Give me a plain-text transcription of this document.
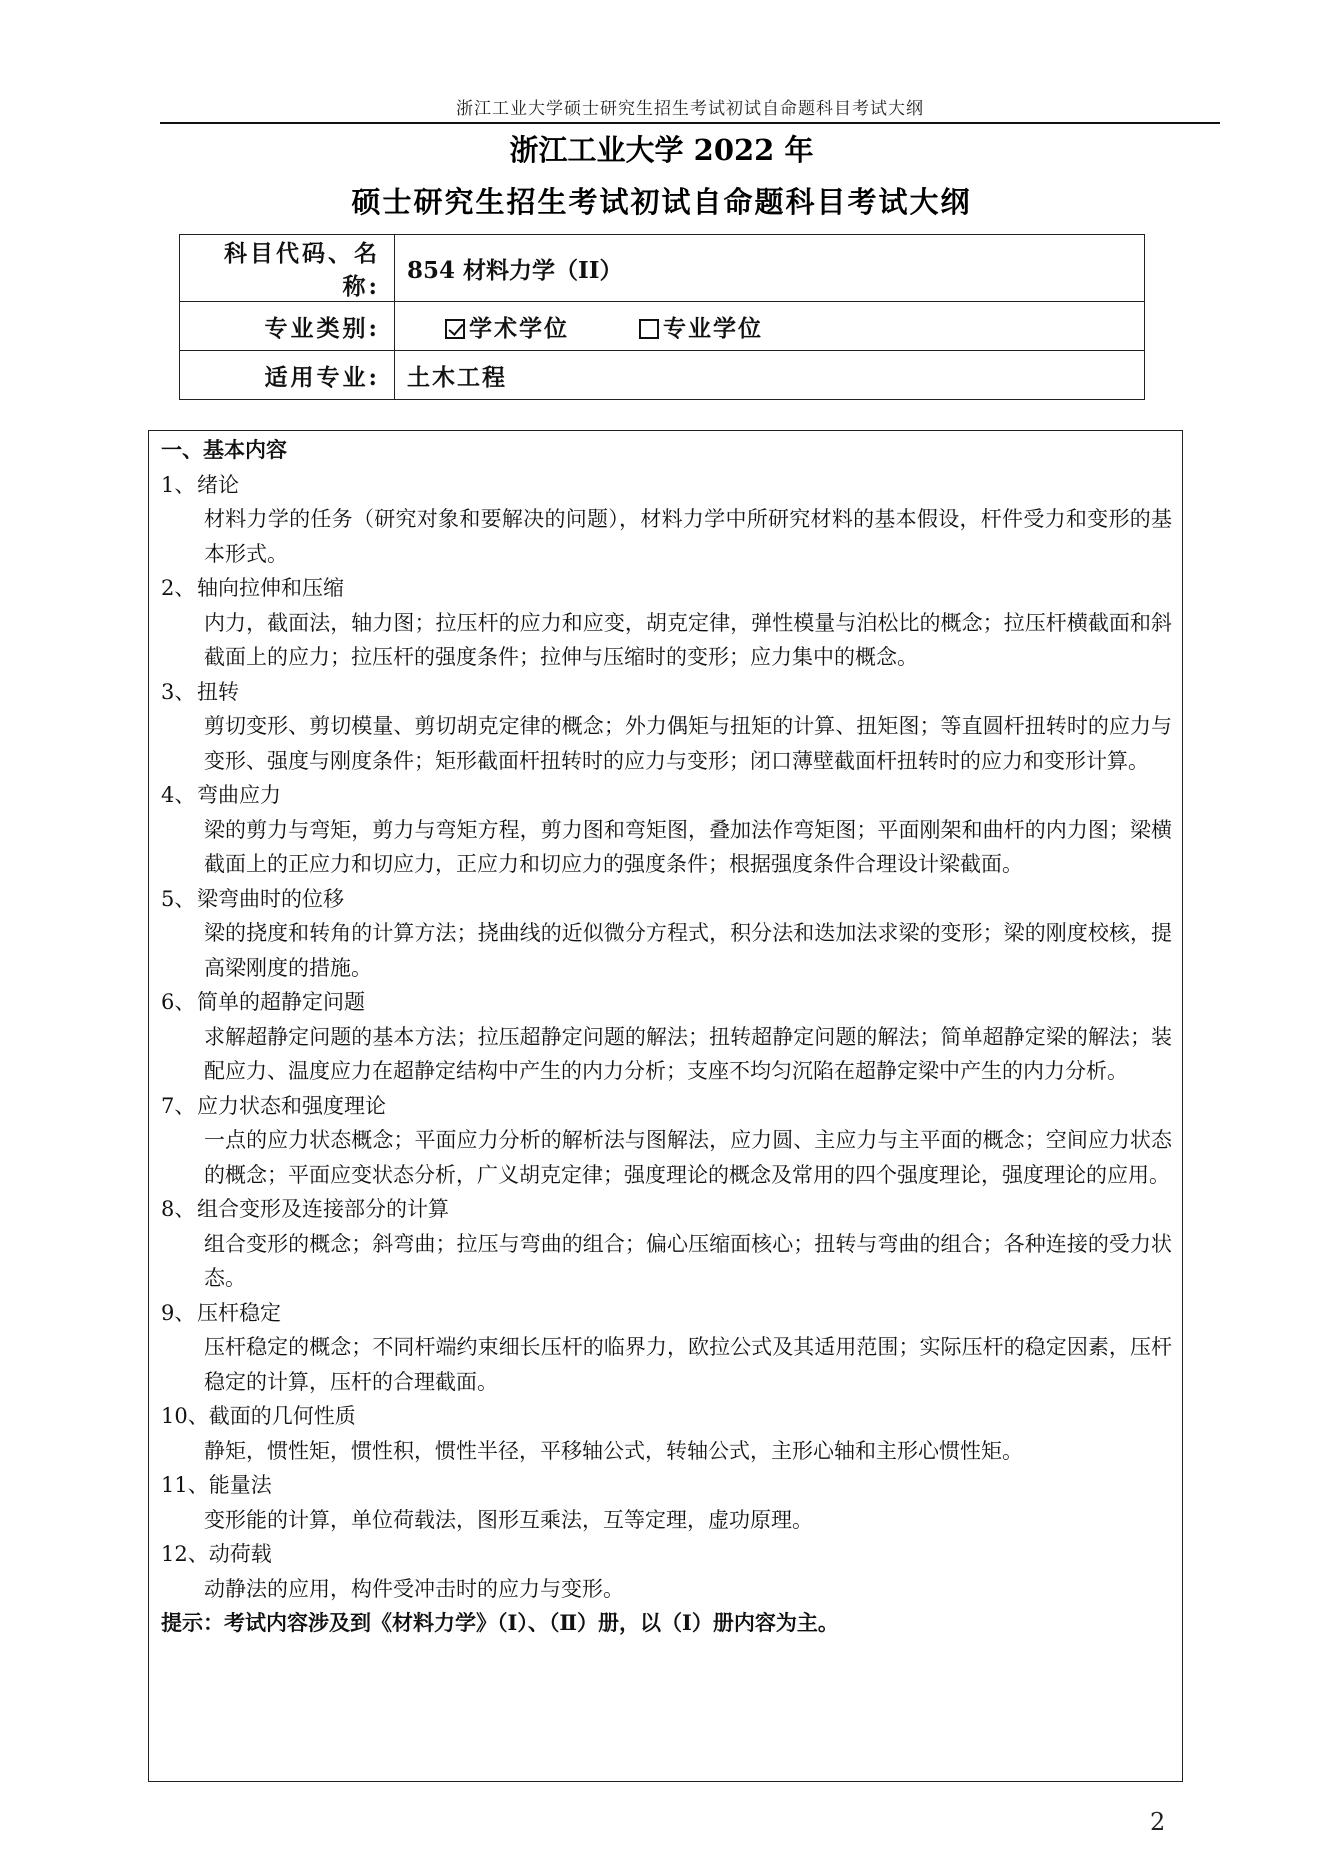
浙江工业大学硕士研究生招生考试初试自命题科目考试大纲
浙江工业大学 2022 年
硕士研究生招生考试初试自命题科目考试大纲
科目代码、名称:	854 材料力学（II）
专业类别:	学术学位 专业学位
适用专业:	土木工程
一、基本内容
1、绪论
材料力学的任务（研究对象和要解决的问题），材料力学中所研究材料的基本假设，杆件受力和变形的基本形式。
2、轴向拉伸和压缩
内力，截面法，轴力图；拉压杆的应力和应变，胡克定律，弹性模量与泊松比的概念；拉压杆横截面和斜截面上的应力；拉压杆的强度条件；拉伸与压缩时的变形；应力集中的概念。
3、扭转
剪切变形、剪切模量、剪切胡克定律的概念；外力偶矩与扭矩的计算、扭矩图；等直圆杆扭转时的应力与变形、强度与刚度条件；矩形截面杆扭转时的应力与变形；闭口薄壁截面杆扭转时的应力和变形计算。
4、弯曲应力
梁的剪力与弯矩，剪力与弯矩方程，剪力图和弯矩图，叠加法作弯矩图；平面刚架和曲杆的内力图；梁横截面上的正应力和切应力，正应力和切应力的强度条件；根据强度条件合理设计梁截面。
5、梁弯曲时的位移
梁的挠度和转角的计算方法；挠曲线的近似微分方程式，积分法和迭加法求梁的变形；梁的刚度校核，提高梁刚度的措施。
6、简单的超静定问题
求解超静定问题的基本方法；拉压超静定问题的解法；扭转超静定问题的解法；简单超静定梁的解法；装配应力、温度应力在超静定结构中产生的内力分析；支座不均匀沉陷在超静定梁中产生的内力分析。
7、应力状态和强度理论
一点的应力状态概念；平面应力分析的解析法与图解法，应力圆、主应力与主平面的概念；空间应力状态的概念；平面应变状态分析，广义胡克定律；强度理论的概念及常用的四个强度理论，强度理论的应用。
8、组合变形及连接部分的计算
组合变形的概念；斜弯曲；拉压与弯曲的组合；偏心压缩面核心；扭转与弯曲的组合；各种连接的受力状态。
9、压杆稳定
压杆稳定的概念；不同杆端约束细长压杆的临界力，欧拉公式及其适用范围；实际压杆的稳定因素，压杆稳定的计算，压杆的合理截面。
10、截面的几何性质
静矩，惯性矩，惯性积，惯性半径，平移轴公式，转轴公式，主形心轴和主形心惯性矩。
11、能量法
变形能的计算，单位荷载法，图形互乘法，互等定理，虚功原理。
12、动荷载
动静法的应用，构件受冲击时的应力与变形。
提示：考试内容涉及到《材料力学》（Ⅰ）、（Ⅱ）册，以（Ⅰ）册内容为主。
2
